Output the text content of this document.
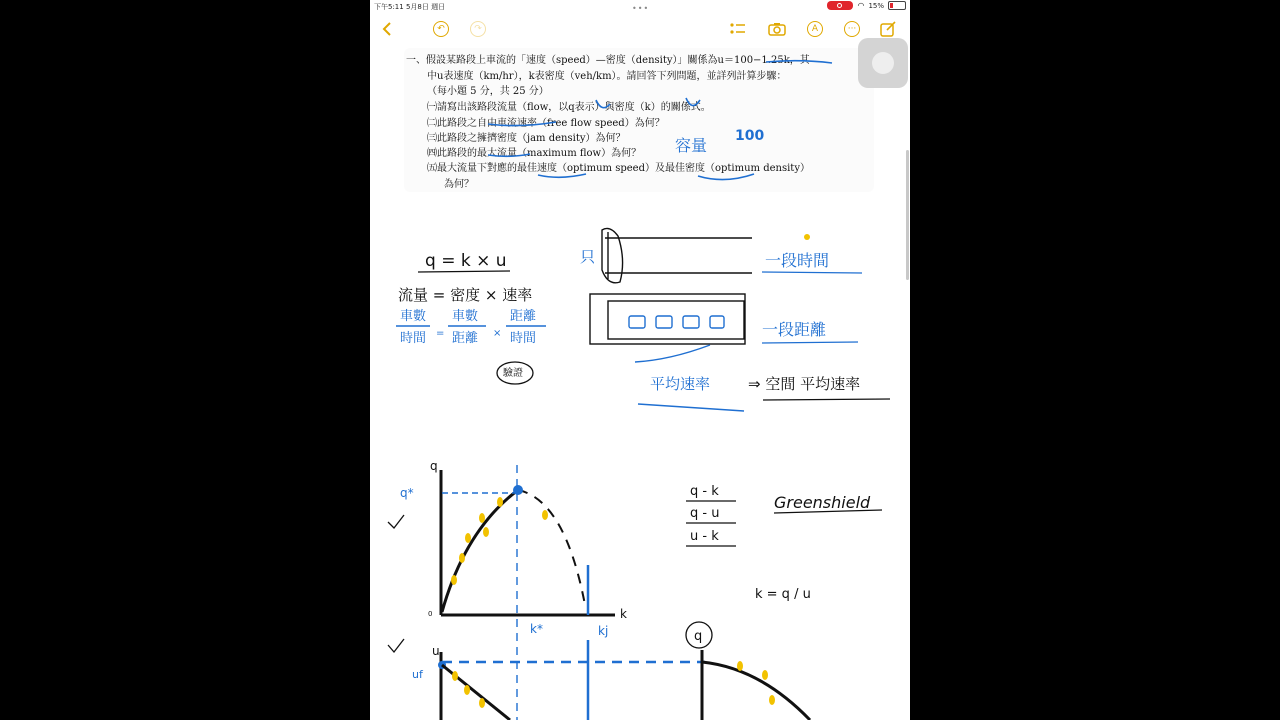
下午5:11 5月8日 週日	•••	◠ 15%
↶	↷	A	···
一、假設某路段上車流的「速度（speed）—密度（density）」關係為u＝100−1.25k，其
中u表速度（km/hr），k表密度（veh/km）。請回答下列問題，並詳列計算步驟：
（每小題 5 分，共 25 分）
㈠請寫出該路段流量（flow，以q表示）與密度（k）的關係式。
㈡此路段之自由車流速率（free flow speed）為何？
㈢此路段之擁擠密度（jam density）為何？
㈣此路段的最大流量（maximum flow）為何？
㈤最大流量下對應的最佳速度（optimum speed）及最佳密度（optimum density）
為何？
容量 100
q = k × u
流量 = 密度 × 速率
車數
時間
車數
距離
距離
時間
=	×
驗證
只	一段時間
一段距離
平均速率	⇒ 空間 平均速率
q
k
0
q*
k*	kj
q - k
q - u
u - k
Greenshield
k = q / u
u
uf
q
